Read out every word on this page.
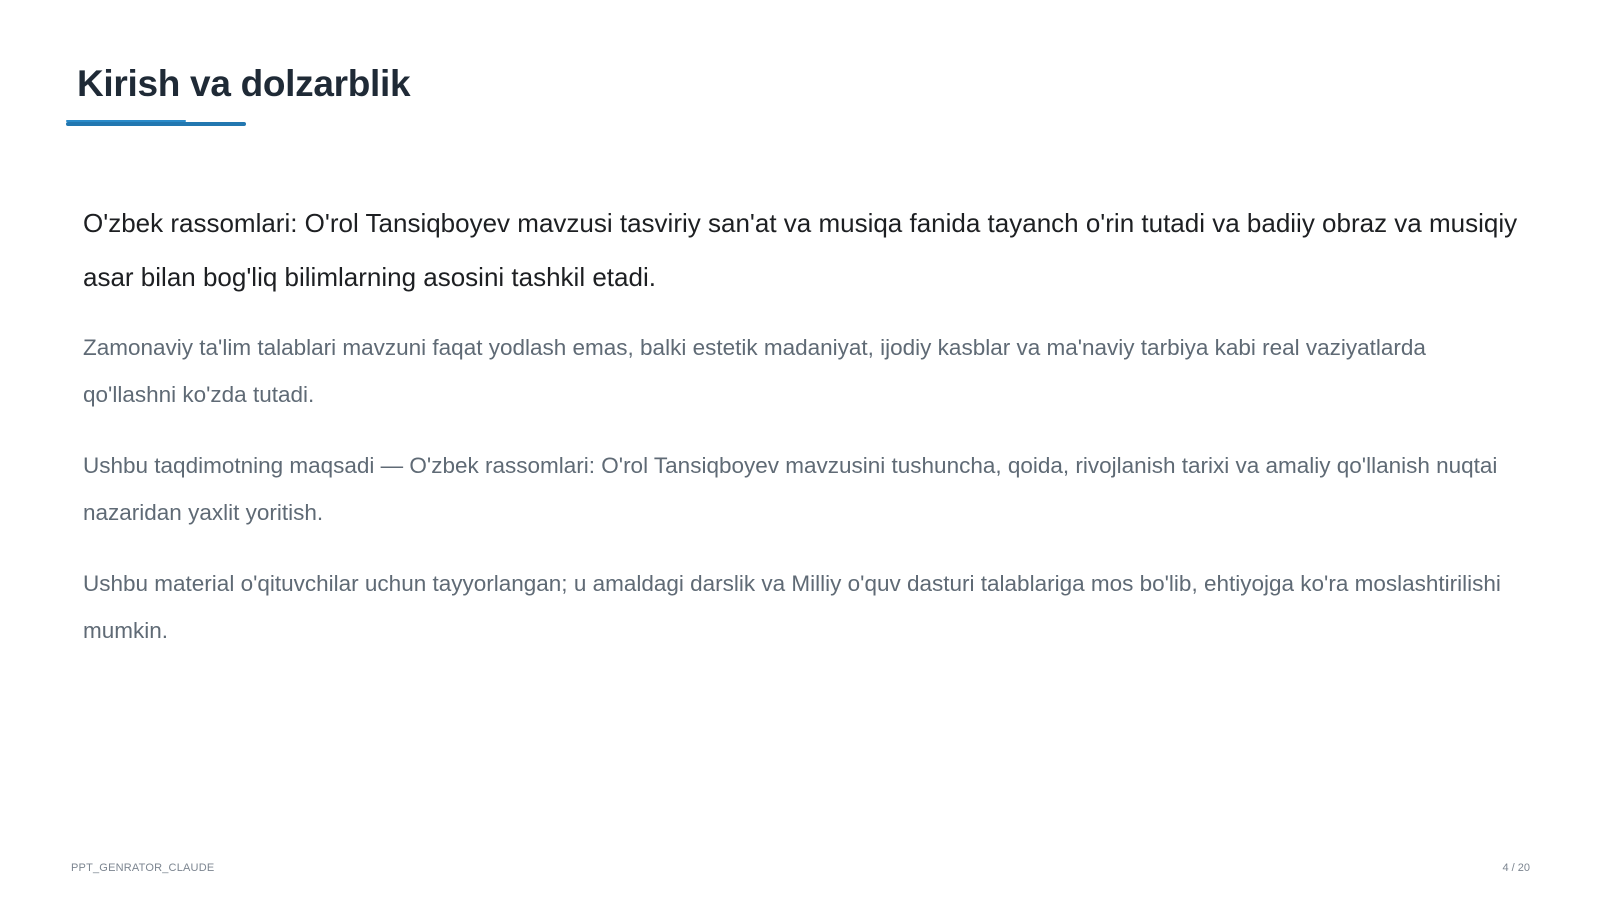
Kirish va dolzarblik

O'zbek rassomlari: O'rol Tansiqboyev mavzusi tasviriy san'at va musiqa fanida tayanch o'rin tutadi va badiiy obraz va musiqiy asar bilan bog'liq bilimlarning asosini tashkil etadi.

Zamonaviy ta'lim talablari mavzuni faqat yodlash emas, balki estetik madaniyat, ijodiy kasblar va ma'naviy tarbiya kabi real vaziyatlarda qo'llashni ko'zda tutadi.

Ushbu taqdimotning maqsadi — O'zbek rassomlari: O'rol Tansiqboyev mavzusini tushuncha, qoida, rivojlanish tarixi va amaliy qo'llanish nuqtai nazaridan yaxlit yoritish.

Ushbu material o'qituvchilar uchun tayyorlangan; u amaldagi darslik va Milliy o'quv dasturi talablariga mos bo'lib, ehtiyojga ko'ra moslashtirilishi mumkin.

PPT_GENRATOR_CLAUDE	4 / 20
